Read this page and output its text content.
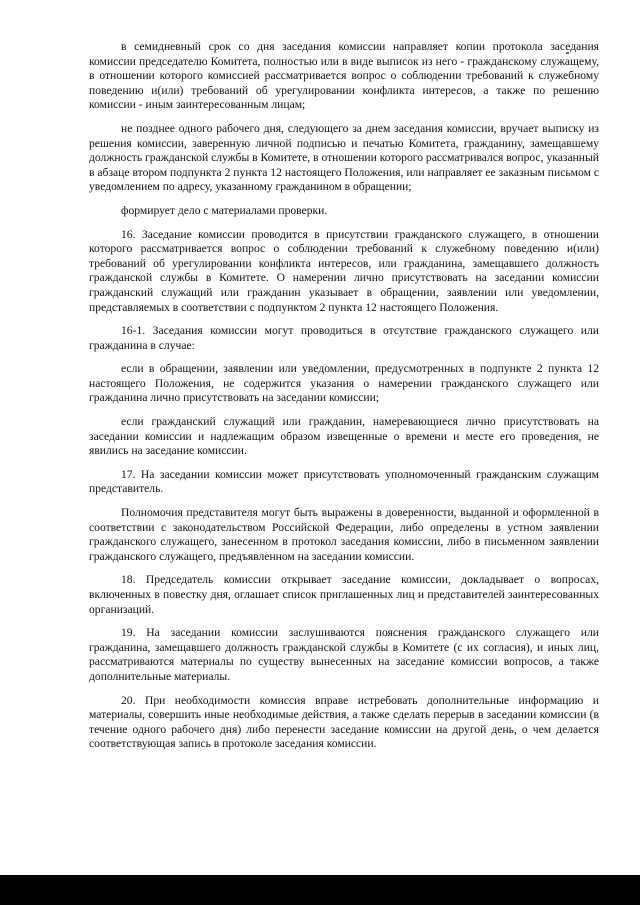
в семидневный срок со дня заседания комиссии направляет копии протокола заседания комиссии председателю Комитета, полностью или в виде выписок из него - гражданскому служащему, в отношении которого комиссией рассматривается вопрос о соблюдении требований к служебному поведению и(или) требований об урегулировании конфликта интересов, а также по решению комиссии - иным заинтересованным лицам;

не позднее одного рабочего дня, следующего за днем заседания комиссии, вручает выписку из решения комиссии, заверенную личной подписью и печатью Комитета, гражданину, замещавшему должность гражданской службы в Комитете, в отношении которого рассматривался вопрос, указанный в абзаце втором подпункта 2 пункта 12 настоящего Положения, или направляет ее заказным письмом с уведомлением по адресу, указанному гражданином в обращении;

формирует дело с материалами проверки.

16. Заседание комиссии проводится в присутствии гражданского служащего, в отношении которого рассматривается вопрос о соблюдении требований к служебному поведению и(или) требований об урегулировании конфликта интересов, или гражданина, замещавшего должность гражданской службы в Комитете. О намерении лично присутствовать на заседании комиссии гражданский служащий или гражданин указывает в обращении, заявлении или уведомлении, представляемых в соответствии с подпунктом 2 пункта 12 настоящего Положения.

16-1. Заседания комиссии могут проводиться в отсутствие гражданского служащего или гражданина в случае:

если в обращении, заявлении или уведомлении, предусмотренных в подпункте 2 пункта 12 настоящего Положения, не содержится указания о намерении гражданского служащего или гражданина лично присутствовать на заседании комиссии;

если гражданский служащий или гражданин, намеревающиеся лично присутствовать на заседании комиссии и надлежащим образом извещенные о времени и месте его проведения, не явились на заседание комиссии.

17. На заседании комиссии может присутствовать уполномоченный гражданским служащим представитель.

Полномочия представителя могут быть выражены в доверенности, выданной и оформленной в соответствии с законодательством Российской Федерации, либо определены в устном заявлении гражданского служащего, занесенном в протокол заседания комиссии, либо в письменном заявлении гражданского служащего, предъявленном на заседании комиссии.

18. Председатель комиссии открывает заседание комиссии, докладывает о вопросах, включенных в повестку дня, оглашает список приглашенных лиц и представителей заинтересованных организаций.

19. На заседании комиссии заслушиваются пояснения гражданского служащего или гражданина, замещавшего должность гражданской службы в Комитете (с их согласия), и иных лиц, рассматриваются материалы по существу вынесенных на заседание комиссии вопросов, а также дополнительные материалы.

20. При необходимости комиссия вправе истребовать дополнительные информацию и материалы, совершить иные необходимые действия, а также сделать перерыв в заседании комиссии (в течение одного рабочего дня) либо перенести заседание комиссии на другой день, о чем делается соответствующая запись в протоколе заседания комиссии.
